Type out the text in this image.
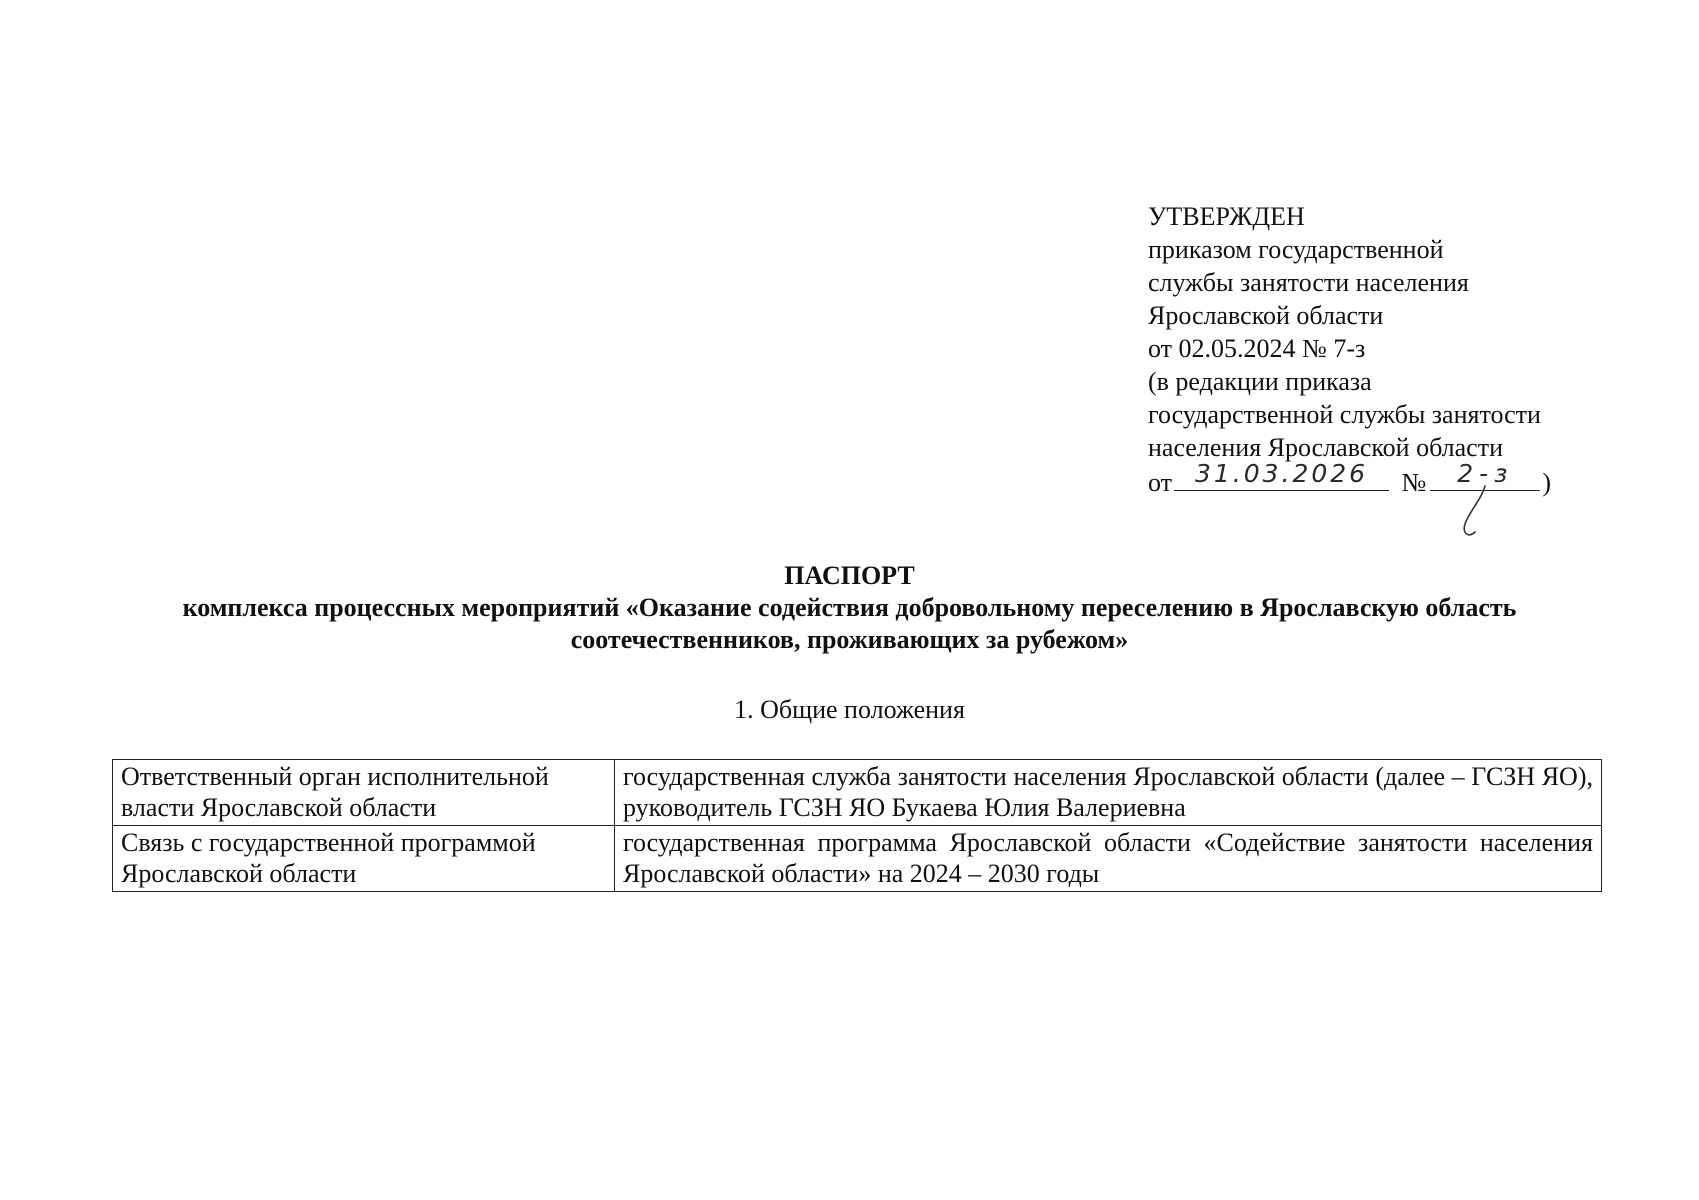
УТВЕРЖДЕН
приказом государственной
службы занятости населения
Ярославской области
от 02.05.2024 № 7-з
(в редакции приказа
государственной службы занятости
населения Ярославской области
от 31.03.2026	№	2-з	)

ПАСПОРТ

комплекса процессных мероприятий «Оказание содействия добровольному переселению в Ярославскую область соотечественников, проживающих за рубежом»

1. Общие положения
Ответственный орган исполнительной власти Ярославской области	государственная служба занятости населения Ярославской области (далее – ГСЗН ЯО), руководитель ГСЗН ЯО Букаева Юлия Валериевна
Связь с государственной программой Ярославской области	государственная программа Ярославской области «Содействие занятости населения Ярославской области» на 2024 – 2030 годы
